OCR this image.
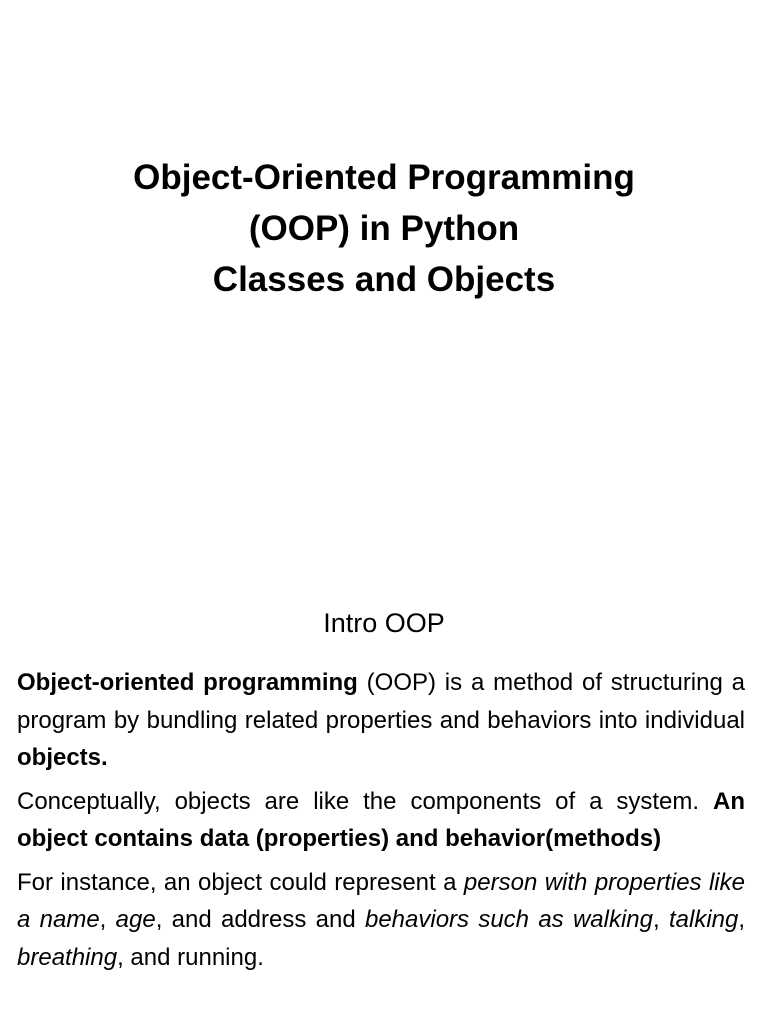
Object-Oriented Programming
(OOP) in Python
Classes and Objects
Intro OOP

Object-oriented programming (OOP) is a method of structuring a program by bundling related properties and behaviors into individual objects.

Conceptually, objects are like the components of a system. An object contains data (properties) and behavior(methods)

For instance, an object could represent a person with properties like a name, age, and address and behaviors such as walking, talking, breathing, and running.
